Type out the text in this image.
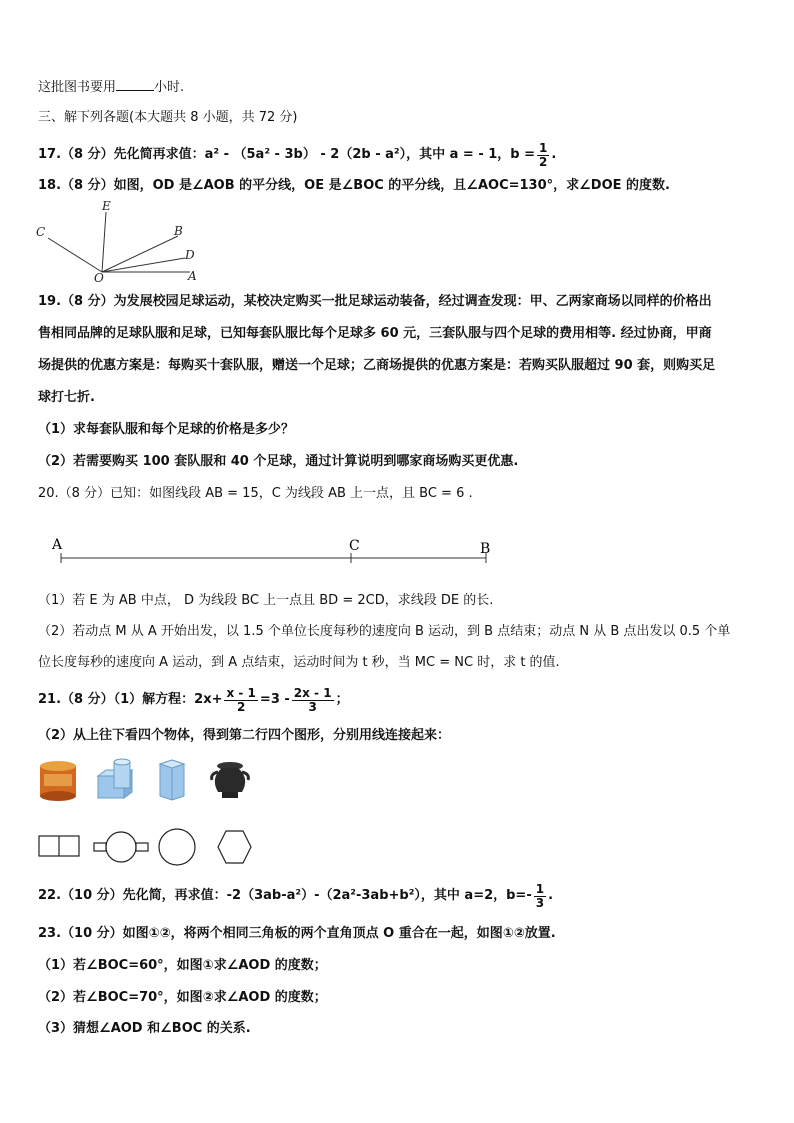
这批图书要用	小时.
三、解下列各题(本大题共 8 小题，共 72 分)
17.（8 分）先化简再求值：a² - （5a² - 3b） - 2（2b - a²），其中 a = - 1，$b = \frac{1}{2}$ .
18.（8 分）如图，OD 是∠AOB 的平分线，OE 是∠BOC 的平分线，且∠AOC=130°，求∠DOE 的度数.
C
E
B
D
O	A
19.（8 分）为发展校园足球运动，某校决定购买一批足球运动装备，经过调查发现：甲、乙两家商场以同样的价格出
售相同品牌的足球队服和足球，已知每套队服比每个足球多 60 元，三套队服与四个足球的费用相等. 经过协商，甲商
场提供的优惠方案是：每购买十套队服，赠送一个足球；乙商场提供的优惠方案是：若购买队服超过 90 套，则购买足
球打七折.
（1）求每套队服和每个足球的价格是多少？
（2）若需要购买 100 套队服和 40 个足球，通过计算说明到哪家商场购买更优惠.
20.（8 分）已知：如图线段 AB = 15，C 为线段 AB 上一点，且 BC = 6 .
A	C	B
（1）若 E 为 AB 中点， D 为线段 BC 上一点且 BD = 2CD，求线段 DE 的长.
（2）若动点 M 从 A 开始出发，以 1.5 个单位长度每秒的速度向 B 运动，到 B 点结束；动点 N 从 B 点出发以 0.5 个单
位长度每秒的速度向 A 运动，到 A 点结束，运动时间为 t 秒，当 MC = NC 时，求 t 的值.
21.（8 分）（1）解方程：$2x+ \frac{x - 1}{2} =3 - \frac{2x - 1}{3}$ ；
（2）从上往下看四个物体，得到第二行四个图形，分别用线连接起来：
22.（10 分）先化简，再求值：-2（3ab-a²）-（2a²-3ab+b²），其中 a=2，$b=- \frac{1}{3}$ .
23.（10 分）如图①②，将两个相同三角板的两个直角顶点 O 重合在一起，如图①②放置.
（1）若∠BOC=60°，如图①求∠AOD 的度数；
（2）若∠BOC=70°，如图②求∠AOD 的度数；
（3）猜想∠AOD 和∠BOC 的关系.
